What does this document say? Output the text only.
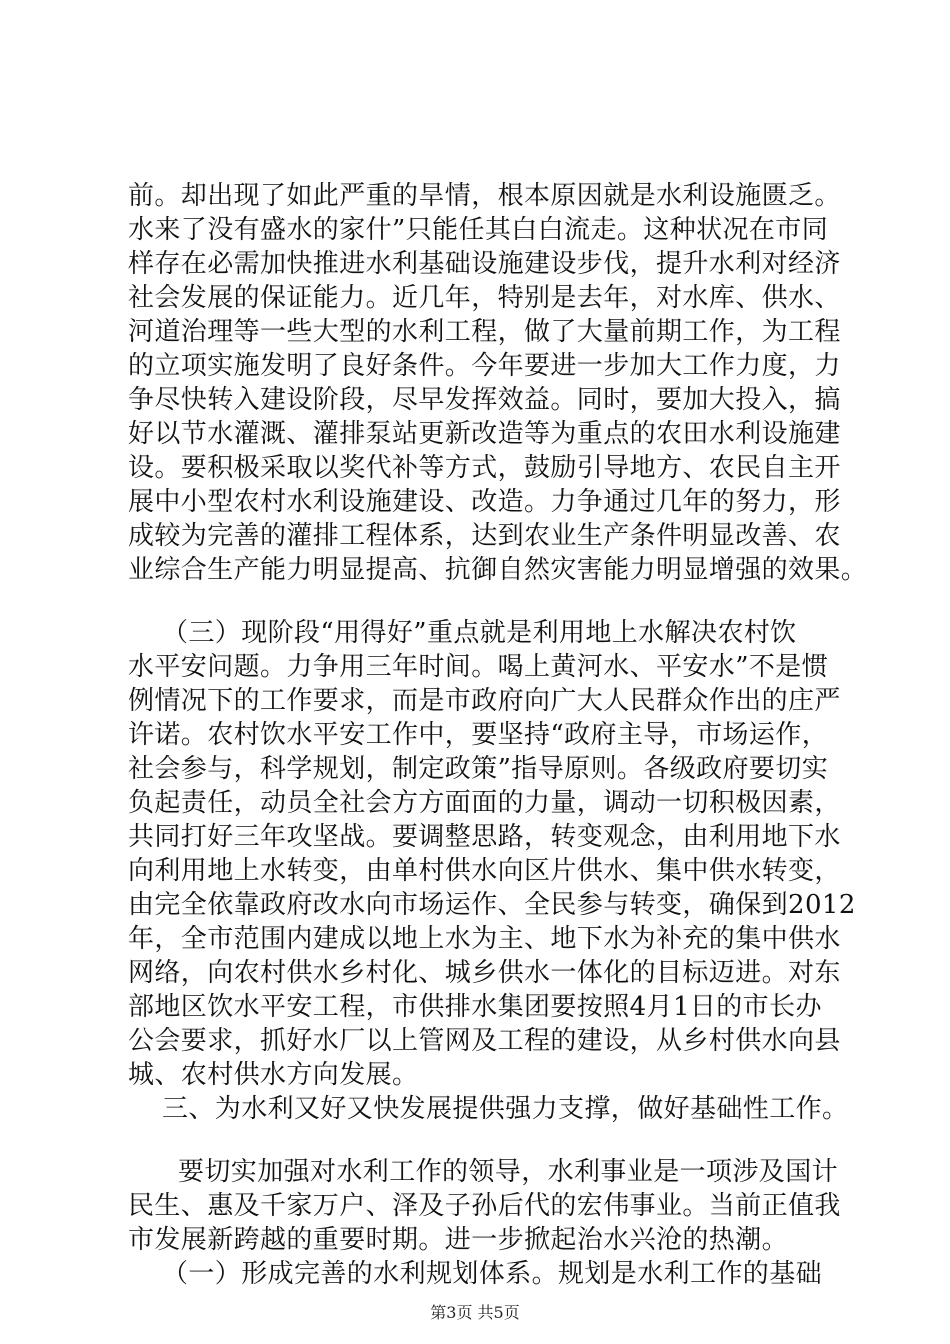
前。却出现了如此严重的旱情，根本原因就是水利设施匮乏。
水来了没有盛水的家什”只能任其白白流走。这种状况在市同
样存在必需加快推进水利基础设施建设步伐，提升水利对经济
社会发展的保证能力。近几年，特别是去年，对水库、供水、
河道治理等一些大型的水利工程，做了大量前期工作，为工程
的立项实施发明了良好条件。今年要进一步加大工作力度，力
争尽快转入建设阶段，尽早发挥效益。同时，要加大投入，搞
好以节水灌溉、灌排泵站更新改造等为重点的农田水利设施建
设。要积极采取以奖代补等方式，鼓励引导地方、农民自主开
展中小型农村水利设施建设、改造。力争通过几年的努力，形
成较为完善的灌排工程体系，达到农业生产条件明显改善、农
业综合生产能力明显提高、抗御自然灾害能力明显增强的效果。
（三）现阶段“用得好”重点就是利用地上水解决农村饮
水平安问题。力争用三年时间。喝上黄河水、平安水”不是惯
例情况下的工作要求，而是市政府向广大人民群众作出的庄严
许诺。农村饮水平安工作中，要坚持“政府主导，市场运作，
社会参与，科学规划，制定政策”指导原则。各级政府要切实
负起责任，动员全社会方方面面的力量，调动一切积极因素，
共同打好三年攻坚战。要调整思路，转变观念，由利用地下水
向利用地上水转变，由单村供水向区片供水、集中供水转变，
由完全依靠政府改水向市场运作、全民参与转变，确保到2012
年，全市范围内建成以地上水为主、地下水为补充的集中供水
网络，向农村供水乡村化、城乡供水一体化的目标迈进。对东
部地区饮水平安工程，市供排水集团要按照4月1日的市长办
公会要求，抓好水厂以上管网及工程的建设，从乡村供水向县
城、农村供水方向发展。
三、为水利又好又快发展提供强力支撑，做好基础性工作。
要切实加强对水利工作的领导，水利事业是一项涉及国计
民生、惠及千家万户、泽及子孙后代的宏伟事业。当前正值我
市发展新跨越的重要时期。进一步掀起治水兴沧的热潮。
（一）形成完善的水利规划体系。规划是水利工作的基础
第3页 共5页
